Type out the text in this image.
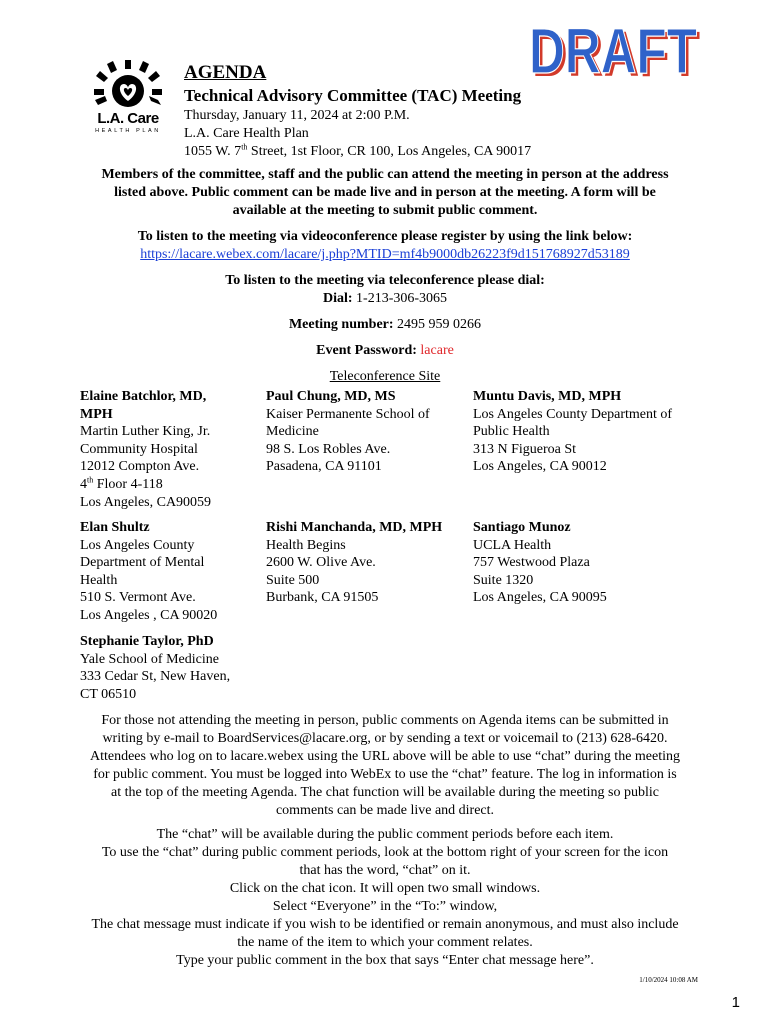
L.A. Care
HEALTH PLAN
DRAFT
DRAFT
AGENDA
Technical Advisory Committee (TAC) Meeting
Thursday, January 11, 2024 at 2:00 P.M.
L.A. Care Health Plan
1055 W. 7th Street, 1st Floor, CR 100, Los Angeles, CA 90017
Members of the committee, staff and the public can attend the meeting in person at the address
listed above. Public comment can be made live and in person at the meeting. A form will be
available at the meeting to submit public comment.
To listen to the meeting via videoconference please register by using the link below:
https://lacare.webex.com/lacare/j.php?MTID=mf4b9000db26223f9d151768927d53189
To listen to the meeting via teleconference please dial:
Dial: 1-213-306-3065
Meeting number: 2495 959 0266
Event Password: lacare
Teleconference Site
Elaine Batchlor, MD,
MPH
Martin Luther King, Jr.
Community Hospital
12012 Compton Ave.
4th Floor 4-118
Los Angeles, CA90059
Paul Chung, MD, MS
Kaiser Permanente School of
Medicine
98 S. Los Robles Ave.
Pasadena, CA 91101
Muntu Davis, MD, MPH
Los Angeles County Department of
Public Health
313 N Figueroa St
Los Angeles, CA 90012
Elan Shultz
Los Angeles County
Department of Mental
Health
510 S. Vermont Ave.
Los Angeles , CA 90020
Rishi Manchanda, MD, MPH
Health Begins
2600 W. Olive Ave.
Suite 500
Burbank, CA 91505
Santiago Munoz
UCLA Health
757 Westwood Plaza
Suite 1320
Los Angeles, CA 90095
Stephanie Taylor, PhD
Yale School of Medicine
333 Cedar St, New Haven,
CT 06510
For those not attending the meeting in person, public comments on Agenda items can be submitted in
writing by e-mail to BoardServices@lacare.org, or by sending a text or voicemail to (213) 628-6420.
Attendees who log on to lacare.webex using the URL above will be able to use “chat” during the meeting
for public comment. You must be logged into WebEx to use the “chat” feature. The log in information is
at the top of the meeting Agenda. The chat function will be available during the meeting so public
comments can be made live and direct.
The “chat” will be available during the public comment periods before each item.
To use the “chat” during public comment periods, look at the bottom right of your screen for the icon
that has the word, “chat” on it.
Click on the chat icon. It will open two small windows.
Select “Everyone” in the “To:” window,
The chat message must indicate if you wish to be identified or remain anonymous, and must also include
the name of the item to which your comment relates.
Type your public comment in the box that says “Enter chat message here”.
1/10/2024 10:08 AM
1
